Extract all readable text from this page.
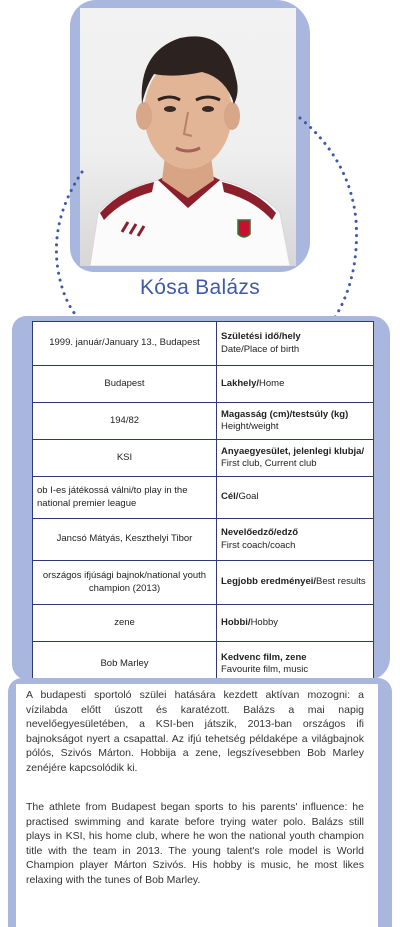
Kósa Balázs
1999. január/January 13., Budapest	Születési idő/hely
Date/Place of birth
Budapest	Lakhely/Home
194/82	Magasság (cm)/testsúly (kg)
Height/weight
KSI	Anyaegyesület, jelenlegi klubja/
First club, Current club
ob I-es játékossá válni/to play in the national premier league	Cél/Goal
Jancsó Mátyás, Keszthelyi Tibor	Nevelőedző/edző
First coach/coach
országos ifjúsági bajnok/national youth champion (2013)	Legjobb eredményei/Best results
zene	Hobbi/Hobby
Bob Marley	Kedvenc film, zene
Favourite film, music

A budapesti sportoló szülei hatására kezdett aktívan mozogni: a vízilabda előtt úszott és karatézott. Balázs a mai napig nevelőegyesületében, a KSI-ben játszik, 2013-ban országos ifi bajnokságot nyert a csapattal. Az ifjú tehetség példaképe a világbajnok pólós, Szivós Márton. Hobbija a zene, legszívesebben Bob Marley zenéjére kapcsolódik ki.

The athlete from Budapest began sports to his parents' influence: he practised swimming and karate before trying water polo. Balázs still plays in KSI, his home club, where he won the national youth champion title with the team in 2013. The young talent's role model is World Champion player Márton Szivós. His hobby is music, he most likes relaxing with the tunes of Bob Marley.
